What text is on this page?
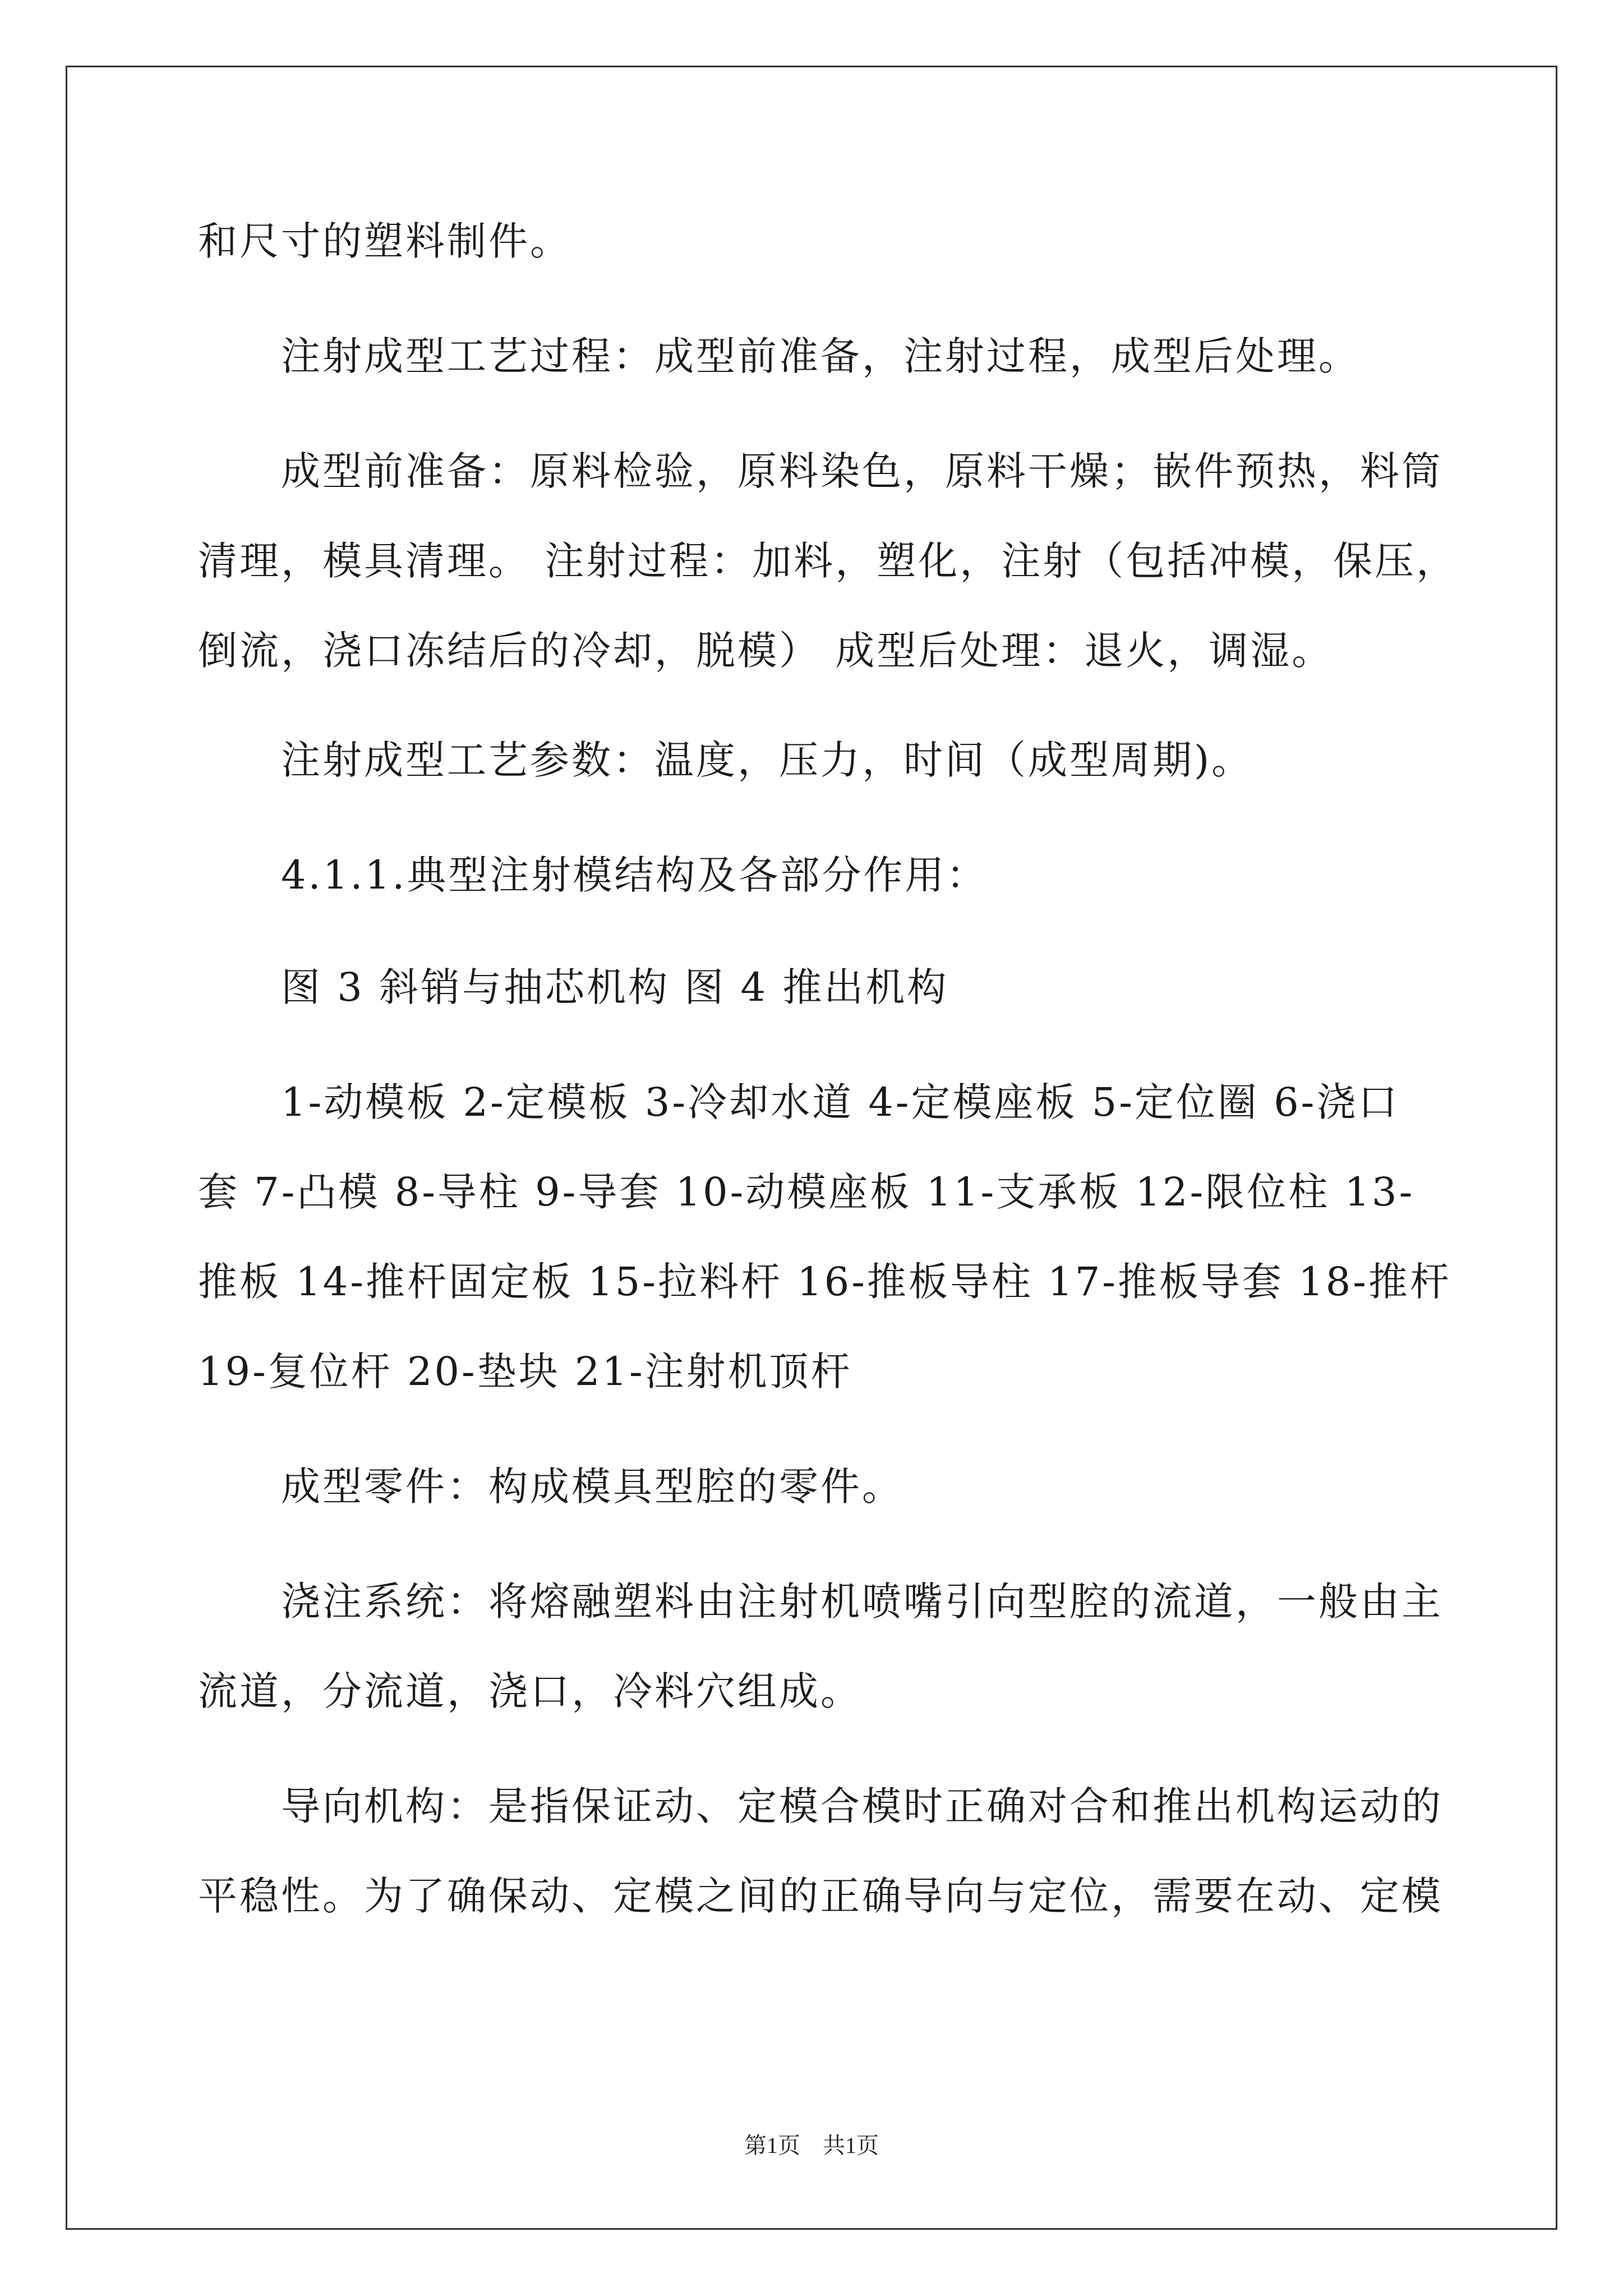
和尺寸的塑料制件。
　　注射成型工艺过程：成型前准备，注射过程，成型后处理。
　　成型前准备：原料检验，原料染色，原料干燥；嵌件预热，料筒
清理，模具清理。 注射过程：加料，塑化，注射（包括冲模，保压，
倒流，浇口冻结后的冷却，脱模） 成型后处理：退火，调湿。
　　注射成型工艺参数：温度，压力，时间（成型周期)。
　　4.1.1.典型注射模结构及各部分作用：
　　图 3 斜销与抽芯机构 图 4 推出机构
　　1-动模板 2-定模板 3-冷却水道 4-定模座板 5-定位圈 6-浇口
套 7-凸模 8-导柱 9-导套 10-动模座板 11-支承板 12-限位柱 13-
推板 14-推杆固定板 15-拉料杆 16-推板导柱 17-推板导套 18-推杆
19-复位杆 20-垫块 21-注射机顶杆
　　成型零件：构成模具型腔的零件。
　　浇注系统：将熔融塑料由注射机喷嘴引向型腔的流道，一般由主
流道，分流道，浇口，冷料穴组成。
　　导向机构：是指保证动、定模合模时正确对合和推出机构运动的
平稳性。为了确保动、定模之间的正确导向与定位，需要在动、定模
第1页　共1页
